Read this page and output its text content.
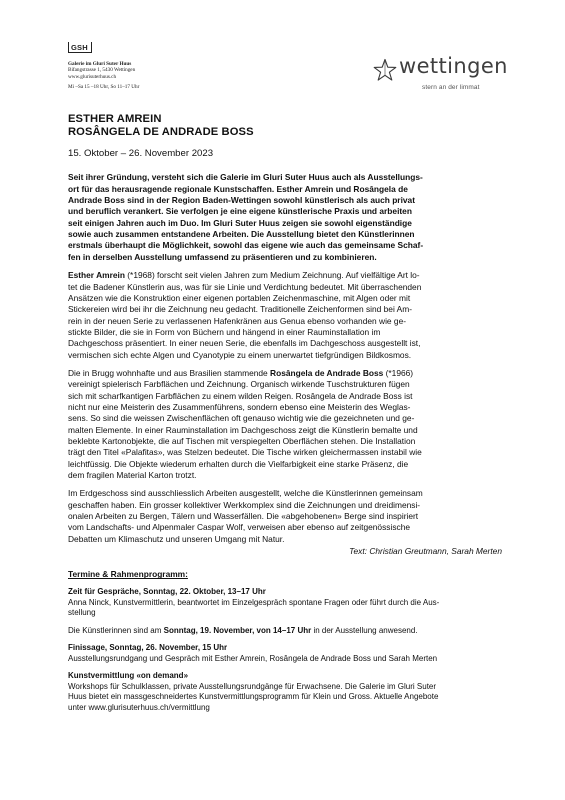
GSH
Galerie im Gluri Suter Huus
Bifangstrasse 1, 5430 Wettingen
www.glurisuterhuus.ch
Mi –Sa 15 –18 Uhr, So 11–17 Uhr
wettingen
stern an der limmat
ESTHER AMREIN
ROSÂNGELA DE ANDRADE BOSS
15. Oktober – 26. November 2023
Seit ihrer Gründung, versteht sich die Galerie im Gluri Suter Huus auch als Ausstellungs-
ort für das herausragende regionale Kunstschaffen. Esther Amrein und Rosângela de
Andrade Boss sind in der Region Baden-Wettingen sowohl künstlerisch als auch privat
und beruflich verankert. Sie verfolgen je eine eigene künstlerische Praxis und arbeiten
seit einigen Jahren auch im Duo. Im Gluri Suter Huus zeigen sie sowohl eigenständige
sowie auch zusammen entstandene Arbeiten. Die Ausstellung bietet den Künstlerinnen
erstmals überhaupt die Möglichkeit, sowohl das eigene wie auch das gemeinsame Schaf-
fen in derselben Ausstellung umfassend zu präsentieren und zu kombinieren.

Esther Amrein (*1968) forscht seit vielen Jahren zum Medium Zeichnung. Auf vielfältige Art lo-
tet die Badener Künstlerin aus, was für sie Linie und Verdichtung bedeutet. Mit überraschenden
Ansätzen wie die Konstruktion einer eigenen portablen Zeichenmaschine, mit Algen oder mit
Stickereien wird bei ihr die Zeichnung neu gedacht. Traditionelle Zeichenformen sind bei Am-
rein in der neuen Serie zu verlassenen Hafenkränen aus Genua ebenso vorhanden wie ge-
stickte Bilder, die sie in Form von Büchern und hängend in einer Rauminstallation im
Dachgeschoss präsentiert. In einer neuen Serie, die ebenfalls im Dachgeschoss ausgestellt ist,
vermischen sich echte Algen und Cyanotypie zu einem unerwartet tiefgründigen Bildkosmos.

Die in Brugg wohnhafte und aus Brasilien stammende Rosângela de Andrade Boss (*1966)
vereinigt spielerisch Farbflächen und Zeichnung. Organisch wirkende Tuschstrukturen fügen
sich mit scharfkantigen Farbflächen zu einem wilden Reigen. Rosângela de Andrade Boss ist
nicht nur eine Meisterin des Zusammenführens, sondern ebenso eine Meisterin des Weglas-
sens. So sind die weissen Zwischenflächen oft genauso wichtig wie die gezeichneten und ge-
malten Elemente. In einer Rauminstallation im Dachgeschoss zeigt die Künstlerin bemalte und
beklebte Kartonobjekte, die auf Tischen mit verspiegelten Oberflächen stehen. Die Installation
trägt den Titel «Palafitas», was Stelzen bedeutet. Die Tische wirken gleichermassen instabil wie
leichtfüssig. Die Objekte wiederum erhalten durch die Vielfarbigkeit eine starke Präsenz, die
dem fragilen Material Karton trotzt.

Im Erdgeschoss sind ausschliesslich Arbeiten ausgestellt, welche die Künstlerinnen gemeinsam
geschaffen haben. Ein grosser kollektiver Werkkomplex sind die Zeichnungen und dreidimensi-
onalen Arbeiten zu Bergen, Tälern und Wasserfällen. Die «abgehobenen» Berge sind inspiriert
vom Landschafts- und Alpenmaler Caspar Wolf, verweisen aber ebenso auf zeitgenössische
Debatten um Klimaschutz und unseren Umgang mit Natur.

Text: Christian Greutmann, Sarah Merten
Termine & Rahmenprogramm:
Zeit für Gespräche, Sonntag, 22. Oktober, 13–17 Uhr
Anna Ninck, Kunstvermittlerin, beantwortet im Einzelgespräch spontane Fragen oder führt durch die Aus-
stellung
Die Künstlerinnen sind am Sonntag, 19. November, von 14–17 Uhr in der Ausstellung anwesend.
Finissage, Sonntag, 26. November, 15 Uhr
Ausstellungsrundgang und Gespräch mit Esther Amrein, Rosângela de Andrade Boss und Sarah Merten
Kunstvermittlung «on demand»
Workshops für Schulklassen, private Ausstellungsrundgänge für Erwachsene. Die Galerie im Gluri Suter
Huus bietet ein massgeschneidertes Kunstvermittlungsprogramm für Klein und Gross. Aktuelle Angebote
unter www.glurisuterhuus.ch/vermittlung
